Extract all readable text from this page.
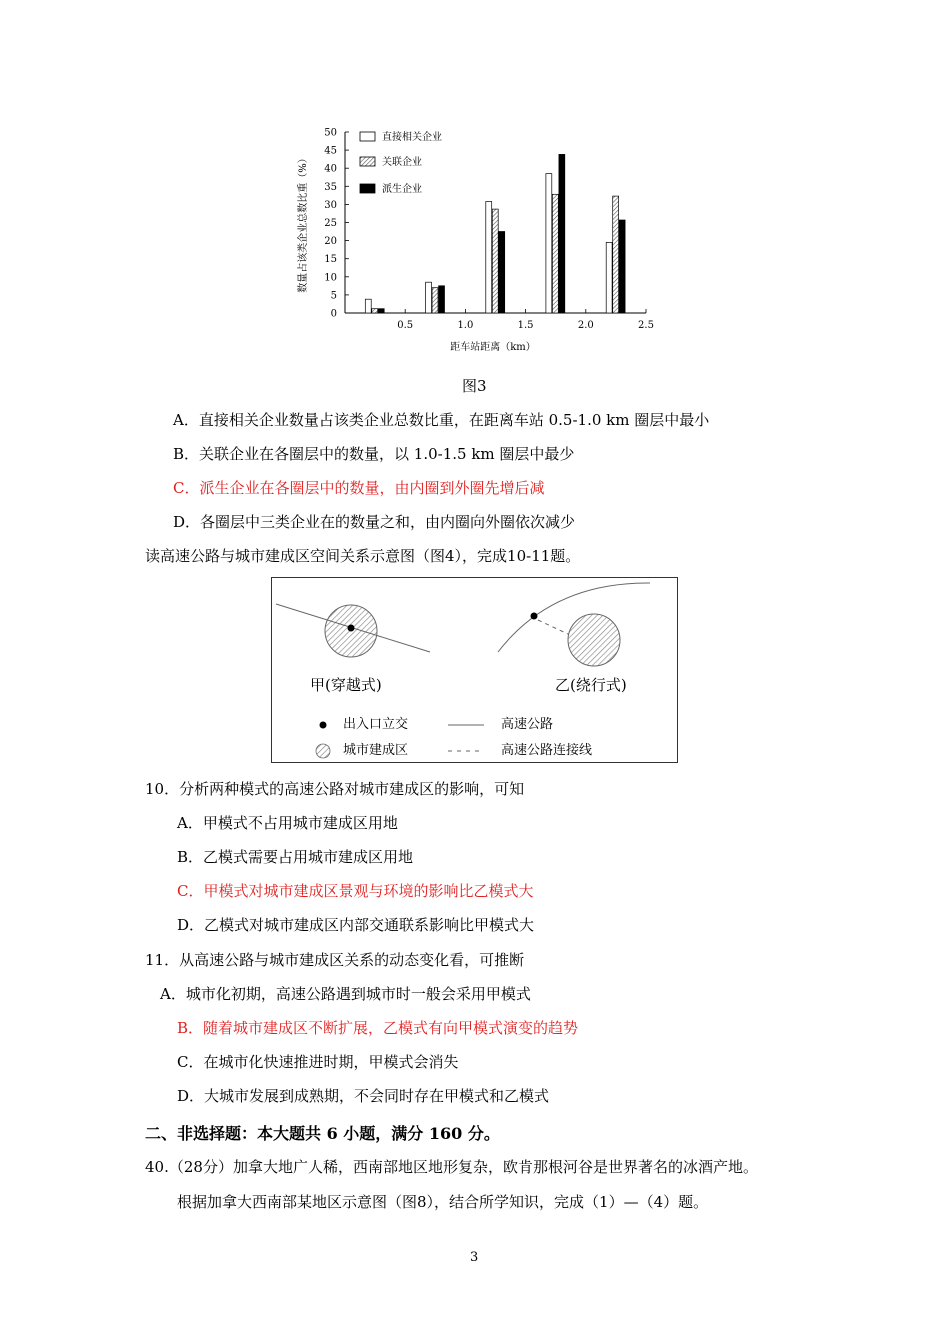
0
5
10
15
20
25
30
35
40
45
50
0.5	1.0	1.5	2.0	2.5
数量占该类企业总数比重（%）
距车站距离（km）
直接相关企业
关联企业
派生企业
图3
A．直接相关企业数量占该类企业总数比重，在距离车站 0.5-1.0 km 圈层中最小
B．关联企业在各圈层中的数量，以 1.0-1.5 km 圈层中最少
C．派生企业在各圈层中的数量，由内圈到外圈先增后减
D．各圈层中三类企业在的数量之和，由内圈向外圈依次减少
读高速公路与城市建成区空间关系示意图（图4），完成10-11题。
甲(穿越式)	乙(绕行式)
出入口立交	高速公路
城市建成区	高速公路连接线
10．分析两种模式的高速公路对城市建成区的影响，可知
A．甲模式不占用城市建成区用地
B．乙模式需要占用城市建成区用地
C．甲模式对城市建成区景观与环境的影响比乙模式大
D．乙模式对城市建成区内部交通联系影响比甲模式大
11．从高速公路与城市建成区关系的动态变化看，可推断
A．城市化初期，高速公路遇到城市时一般会采用甲模式
B．随着城市建成区不断扩展，乙模式有向甲模式演变的趋势
C．在城市化快速推进时期，甲模式会消失
D．大城市发展到成熟期，不会同时存在甲模式和乙模式
二、非选择题：本大题共 6 小题，满分 160 分。
40.（28分）加拿大地广人稀，西南部地区地形复杂，欧肯那根河谷是世界著名的冰酒产地。
根据加拿大西南部某地区示意图（图8），结合所学知识，完成（1）—（4）题。
3
